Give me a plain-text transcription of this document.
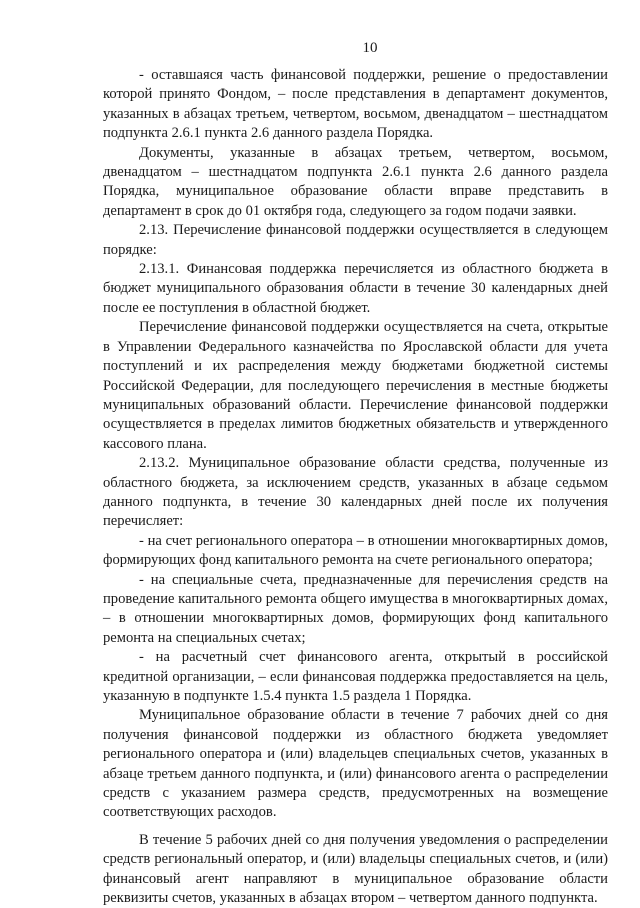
10

- оставшаяся часть финансовой поддержки, решение о предоставлении которой принято Фондом, – после представления в департамент документов, указанных в абзацах третьем, четвертом, восьмом, двенадцатом – шестнадцатом подпункта 2.6.1 пункта 2.6 данного раздела Порядка.

Документы, указанные в абзацах третьем, четвертом, восьмом, двенадцатом – шестнадцатом подпункта 2.6.1 пункта 2.6 данного раздела Порядка, муниципальное образование области вправе представить в департамент в срок до 01 октября года, следующего за годом подачи заявки.

2.13. Перечисление финансовой поддержки осуществляется в следующем порядке:

2.13.1. Финансовая поддержка перечисляется из областного бюджета в бюджет муниципального образования области в течение 30 календарных дней после ее поступления в областной бюджет.

Перечисление финансовой поддержки осуществляется на счета, открытые в Управлении Федерального казначейства по Ярославской области для учета поступлений и их распределения между бюджетами бюджетной системы Российской Федерации, для последующего перечисления в местные бюджеты муниципальных образований области. Перечисление финансовой поддержки осуществляется в пределах лимитов бюджетных обязательств и утвержденного кассового плана.

2.13.2. Муниципальное образование области средства, полученные из областного бюджета, за исключением средств, указанных в абзаце седьмом данного подпункта, в течение 30 календарных дней после их получения перечисляет:

- на счет регионального оператора – в отношении многоквартирных домов, формирующих фонд капитального ремонта на счете регионального оператора;

- на специальные счета, предназначенные для перечисления средств на проведение капитального ремонта общего имущества в многоквартирных домах, – в отношении многоквартирных домов, формирующих фонд капитального ремонта на специальных счетах;

- на расчетный счет финансового агента, открытый в российской кредитной организации, – если финансовая поддержка предоставляется на цель, указанную в подпункте 1.5.4 пункта 1.5 раздела 1 Порядка.

Муниципальное образование области в течение 7 рабочих дней со дня получения финансовой поддержки из областного бюджета уведомляет регионального оператора и (или) владельцев специальных счетов, указанных в абзаце третьем данного подпункта, и (или) финансового агента о распределении средств с указанием размера средств, предусмотренных на возмещение соответствующих расходов.

В течение 5 рабочих дней со дня получения уведомления о распределении средств региональный оператор, и (или) владельцы специальных счетов, и (или) финансовый агент направляют в муниципальное образование области реквизиты счетов, указанных в абзацах втором – четвертом данного подпункта.
